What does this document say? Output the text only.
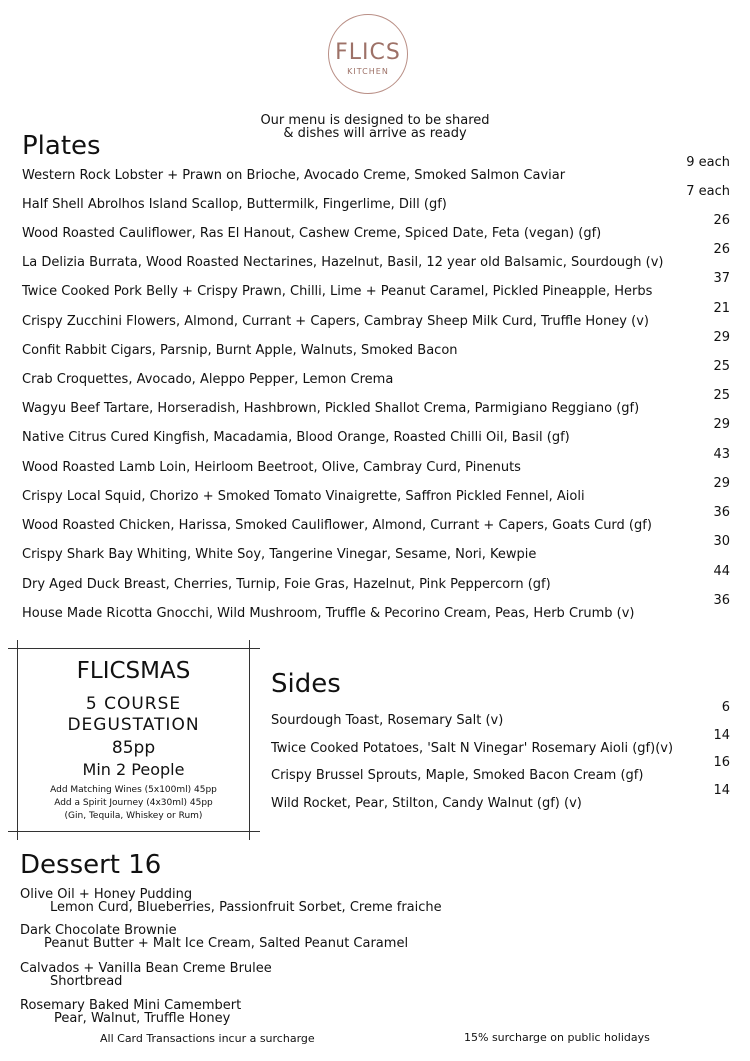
FLICS
KITCHEN
Our menu is designed to be shared
& dishes will arrive as ready
Plates
Western Rock Lobster + Prawn on Brioche, Avocado Creme, Smoked Salmon Caviar
9 each
Half Shell Abrolhos Island Scallop, Buttermilk, Fingerlime, Dill (gf)
7 each
Wood Roasted Cauliflower, Ras El Hanout, Cashew Creme, Spiced Date, Feta (vegan) (gf)
26
La Delizia Burrata, Wood Roasted Nectarines, Hazelnut, Basil, 12 year old Balsamic, Sourdough (v)
26
Twice Cooked Pork Belly + Crispy Prawn, Chilli, Lime + Peanut Caramel, Pickled Pineapple, Herbs
37
Crispy Zucchini Flowers, Almond, Currant + Capers, Cambray Sheep Milk Curd, Truffle Honey (v)
21
Confit Rabbit Cigars, Parsnip, Burnt Apple, Walnuts, Smoked Bacon
29
Crab Croquettes, Avocado, Aleppo Pepper, Lemon Crema
25
Wagyu Beef Tartare, Horseradish, Hashbrown, Pickled Shallot Crema, Parmigiano Reggiano (gf)
25
Native Citrus Cured Kingfish, Macadamia, Blood Orange, Roasted Chilli Oil, Basil (gf)
29
Wood Roasted Lamb Loin, Heirloom Beetroot, Olive, Cambray Curd, Pinenuts
43
Crispy Local Squid, Chorizo + Smoked Tomato Vinaigrette, Saffron Pickled Fennel, Aioli
29
Wood Roasted Chicken, Harissa, Smoked Cauliflower, Almond, Currant + Capers, Goats Curd (gf)
36
Crispy Shark Bay Whiting, White Soy, Tangerine Vinegar, Sesame, Nori, Kewpie
30
Dry Aged Duck Breast, Cherries, Turnip, Foie Gras, Hazelnut, Pink Peppercorn (gf)
44
House Made Ricotta Gnocchi, Wild Mushroom, Truffle & Pecorino Cream, Peas, Herb Crumb (v)
36
FLICSMAS
5 COURSE
DEGUSTATION
85pp
Min 2 People
Add Matching Wines (5x100ml) 45pp
Add a Spirit Journey (4x30ml) 45pp
(Gin, Tequila, Whiskey or Rum)
Sides
Sourdough Toast, Rosemary Salt (v)
6
Twice Cooked Potatoes, 'Salt N Vinegar' Rosemary Aioli (gf)(v)
14
Crispy Brussel Sprouts, Maple, Smoked Bacon Cream (gf)
16
Wild Rocket, Pear, Stilton, Candy Walnut (gf) (v)
14
Dessert 16
Olive Oil + Honey Pudding
Lemon Curd, Blueberries, Passionfruit Sorbet, Creme fraiche
Dark Chocolate Brownie
Peanut Butter + Malt Ice Cream, Salted Peanut Caramel
Calvados + Vanilla Bean Creme Brulee
Shortbread
Rosemary Baked Mini Camembert
Pear, Walnut, Truffle Honey
All Card Transactions incur a surcharge	15% surcharge on public holidays
